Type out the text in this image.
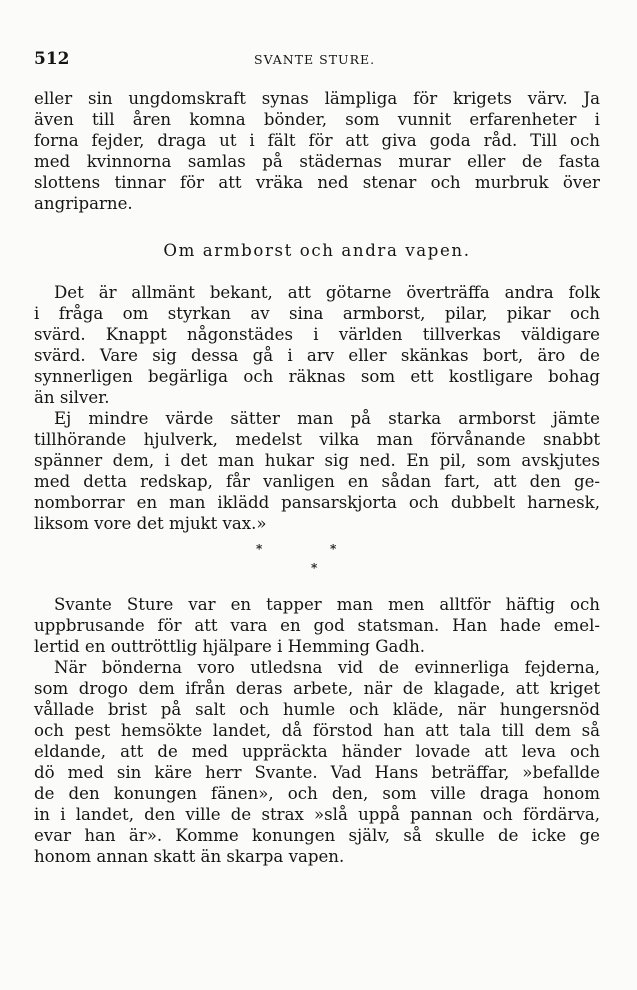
512	SVANTE STURE.

eller sin ungdomskraft synas lämpliga för krigets värv. Ja
även till åren komna bönder, som vunnit erfarenheter i
forna fejder, draga ut i fält för att giva goda råd. Till och
med kvinnorna samlas på städernas murar eller de fasta
slottens tinnar för att vräka ned stenar och murbruk över
angriparne.

Om armborst och andra vapen.

Det är allmänt bekant, att götarne överträffa andra folk
i fråga om styrkan av sina armborst, pilar, pikar och
svärd. Knappt någonstädes i världen tillverkas väldigare
svärd. Vare sig dessa gå i arv eller skänkas bort, äro de
synnerligen begärliga och räknas som ett kostligare bohag
än silver.

Ej mindre värde sätter man på starka armborst jämte
tillhörande hjulverk, medelst vilka man förvånande snabbt
spänner dem, i det man hukar sig ned. En pil, som avskjutes
med detta redskap, får vanligen en sådan fart, att den ge-
nomborrar en man iklädd pansarskjorta och dubbelt harnesk,
liksom vore det mjukt vax.»

*	*
*

Svante Sture var en tapper man men alltför häftig och
uppbrusande för att vara en god statsman. Han hade emel-
lertid en outtröttlig hjälpare i Hemming Gadh.

När bönderna voro utledsna vid de evinnerliga fejderna,
som drogo dem ifrån deras arbete, när de klagade, att kriget
vållade brist på salt och humle och kläde, när hungersnöd
och pest hemsökte landet, då förstod han att tala till dem så
eldande, att de med uppräckta händer lovade att leva och
dö med sin käre herr Svante. Vad Hans beträffar, »befallde
de den konungen fänen», och den, som ville draga honom
in i landet, den ville de strax »slå uppå pannan och fördärva,
evar han är». Komme konungen själv, så skulle de icke ge
honom annan skatt än skarpa vapen.
